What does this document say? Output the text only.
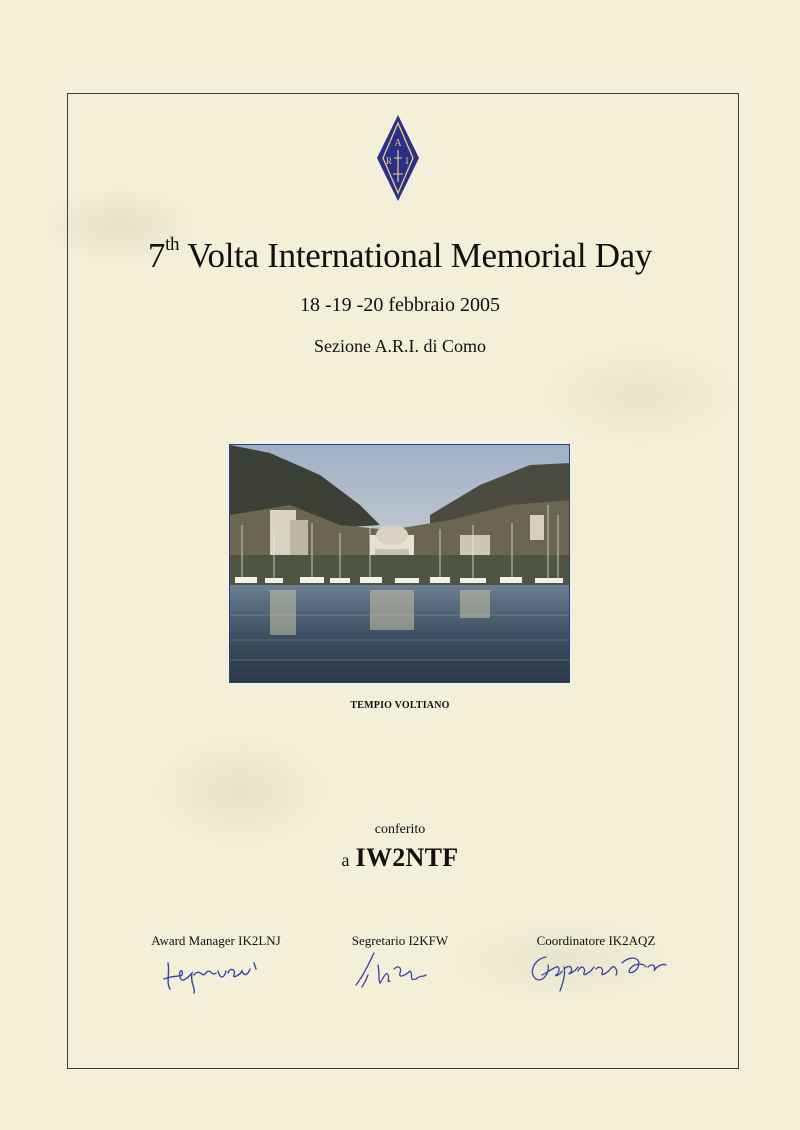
A
R I
7th Volta International Memorial Day
18 -19 -20 febbraio 2005
Sezione A.R.I. di Como
TEMPIO VOLTIANO
conferito
a IW2NTF
Award Manager IK2LNJ	Segretario I2KFW	Coordinatore IK2AQZ
